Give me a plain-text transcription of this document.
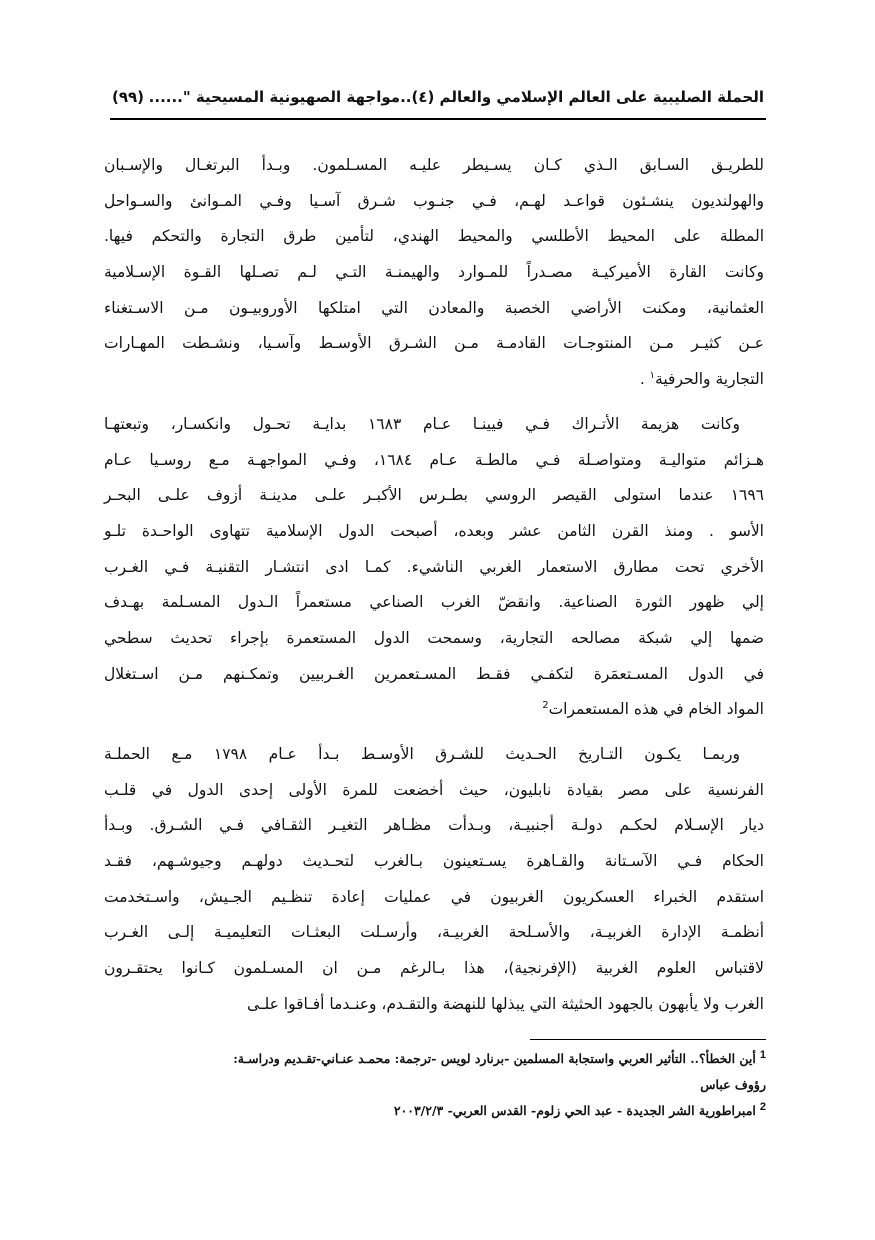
الحملة الصليبية على العالم الإسلامي والعالم (٤)..مواجهة الصهيونية المسيحية "......
(٩٩)
للطريـق السـابق الـذي كـان يسـيطر عليـه المسـلمون. وبـدأ البرتغـال والإسـبان
والهولنديون ينشـئون قواعـد لهـم، فـي جنـوب شـرق آسـيا وفـي المـوانئ والسـواحل
المطلة على المحيط الأطلسي والمحيط الهندي، لتأمين طرق التجارة والتحكم فيها.
وكانت القارة الأميركيـة مصـدراً للمـوارد والهيمنـة التـي لـم تصـلها القـوة الإسـلامية
العثمانية، ومكنت الأراضي الخصبة والمعادن التي امتلكها الأوروبيـون مـن الاسـتغناء
عـن كثيـر مـن المنتوجـات القادمـة مـن الشـرق الأوسـط وآسـيا، ونشـطت المهـارات
التجارية والحرفية$^١$ .
وكانت هزيمة الأتـراك فـي فيينـا عـام ١٦٨٣ بدايـة تحـول وانكسـار، وتبعتهـا
هـزائم متواليـة ومتواصـلة فـي مالطـة عـام ١٦٨٤، وفـي المواجهـة مـع روسـيا عـام
١٦٩٦ عندما استولى القيصر الروسي بطـرس الأكبـر علـى مدينـة أزوف علـى البحـر
الأسو . ومنذ القرن الثامن عشر وبعده، أصبحت الدول الإسلامية تتهاوى الواحـدة تلـو
الأخري تحت مطارق الاستعمار الغربي الناشيء. كمـا ادى انتشـار التقنيـة فـي الغـرب
إلي ظهور الثورة الصناعية. وانقضّ الغرب الصناعي مستعمراً الـدول المسـلمة بهـدف
ضمها إلي شبكة مصالحه التجارية، وسمحت الدول المستعمرة بإجراء تحديث سطحي
في الدول المسـتعمَرة لتكفـي فقـط المسـتعمرين الغـربيين وتمكـنهم مـن اسـتغلال
المواد الخام في هذه المستعمرات$^2$
وربمـا يكـون التـاريخ الحـديث للشـرق الأوسـط بـدأ عـام ١٧٩٨ مـع الحملـة
الفرنسية على مصر بقيادة نابليون، حيث أخضعت للمرة الأولى إحدى الدول في قلـب
ديار الإسـلام لحكـم دولـة أجنبيـة، وبـدأت مظـاهر التغيـر الثقـافي فـي الشـرق. وبـدأ
الحكام فـي الآسـتانة والقـاهرة يسـتعينون بـالغرب لتحـديث دولهـم وجيوشـهم، فقـد
استقدم الخبراء العسكريون الغربيون في عمليات إعادة تنظـيم الجـيش، واسـتخدمت
أنظمـة الإدارة الغربيـة، والأسـلحة الغربيـة، وأرسـلت البعثـات التعليميـة إلـى الغـرب
لاقتباس العلوم الغربية (الإفرنجية)، هذا بـالرغم مـن ان المسـلمون كـانوا يحتقـرون
الغرب ولا يأبهون بالجهود الحثيثة التي يبذلها للنهضة والتقـدم، وعنـدما أفـاقوا علـى
$^1$أين الخطأ؟.. التأثير العربي واستجابة المسلمين -برنارد لويس -ترجمة: محمـد عنـاني-تقـديم ودراسـة:
رؤوف عباس
$^2$امبراطورية الشر الجديدة - عبد الحي زلوم- القدس العربي- ٢٠٠٣/٢/٣
